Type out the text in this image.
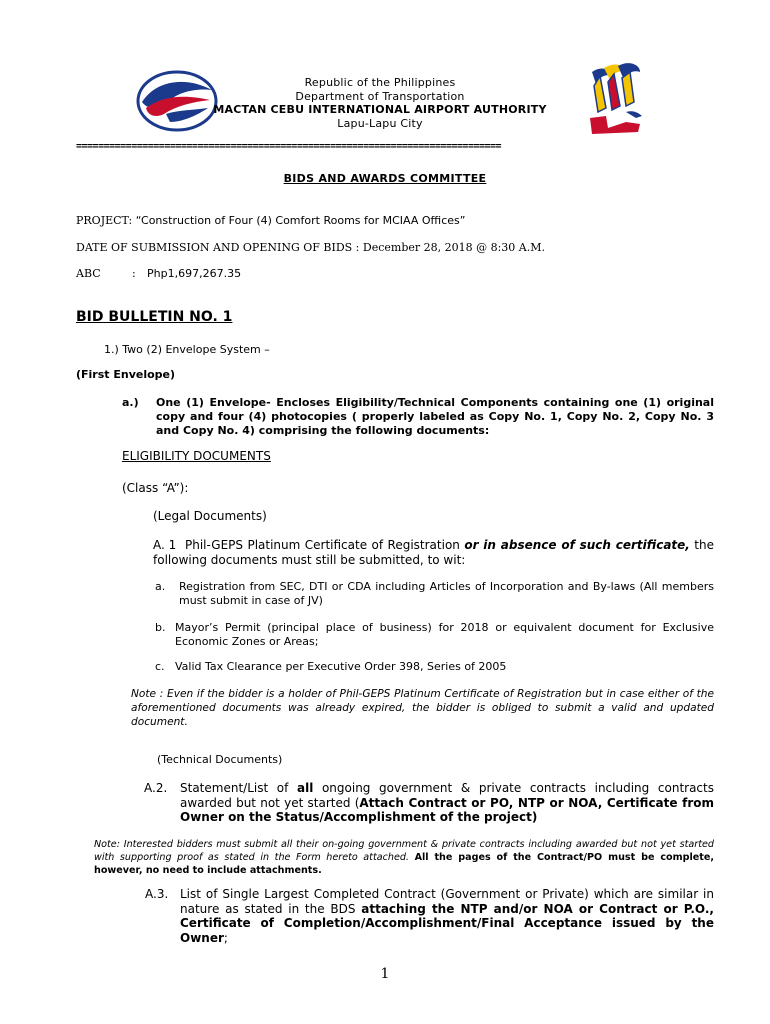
Republic of the Philippines
Department of Transportation
MACTAN CEBU INTERNATIONAL AIRPORT AUTHORITY
Lapu-Lapu City
=============================================================================
BIDS AND AWARDS COMMITTEE
PROJECT: “Construction of Four (4) Comfort Rooms for MCIAA Offices”
DATE OF SUBMISSION AND OPENING OF BIDS : December 28, 2018 @ 8:30 A.M.
ABC	: Php1,697,267.35
BID BULLETIN NO. 1
1.) Two (2) Envelope System –
(First Envelope)
a.) One (1) Envelope- Encloses Eligibility/Technical Components containing one (1) original copy and four (4) photocopies ( properly labeled as Copy No. 1, Copy No. 2, Copy No. 3 and Copy No. 4) comprising the following documents:
ELIGIBILITY DOCUMENTS
(Class “A”):
(Legal Documents)
A. 1 Phil-GEPS Platinum Certificate of Registration or in absence of such certificate, the following documents must still be submitted, to wit:
a. Registration from SEC, DTI or CDA including Articles of Incorporation and By-laws (All members must submit in case of JV)
b. Mayor’s Permit (principal place of business) for 2018 or equivalent document for Exclusive Economic Zones or Areas;
c. Valid Tax Clearance per Executive Order 398, Series of 2005
Note : Even if the bidder is a holder of Phil-GEPS Platinum Certificate of Registration but in case either of the aforementioned documents was already expired, the bidder is obliged to submit a valid and updated document.
(Technical Documents)
A.2. Statement/List of all ongoing government & private contracts including contracts awarded but not yet started (Attach Contract or PO, NTP or NOA, Certificate from Owner on the Status/Accomplishment of the project)
Note: Interested bidders must submit all their on-going government & private contracts including awarded but not yet started with supporting proof as stated in the Form hereto attached. All the pages of the Contract/PO must be complete, however, no need to include attachments.
A.3. List of Single Largest Completed Contract (Government or Private) which are similar in nature as stated in the BDS attaching the NTP and/or NOA or Contract or P.O., Certificate of Completion/Accomplishment/Final Acceptance issued by the Owner;
1
